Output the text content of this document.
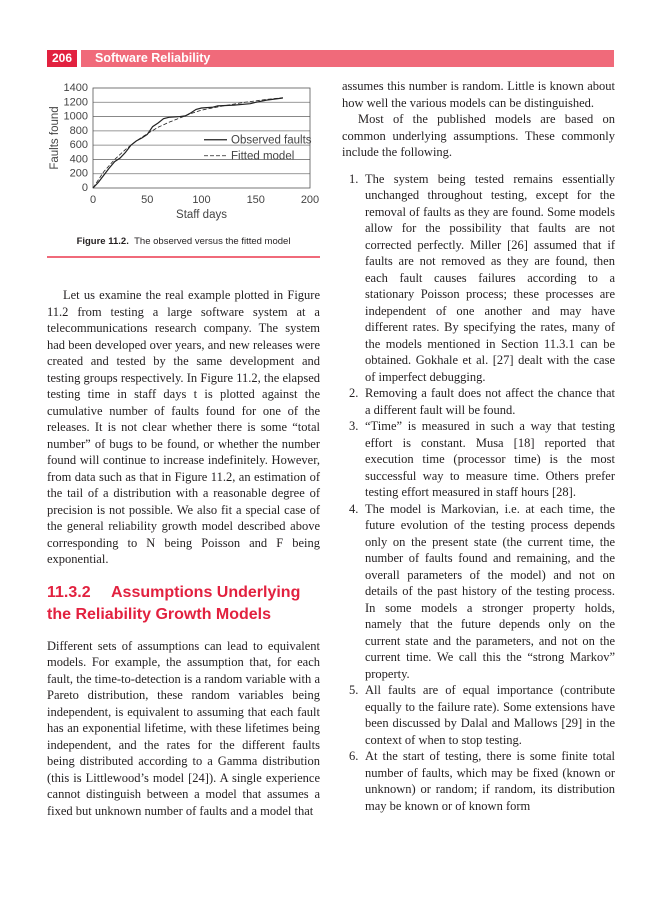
206	Software Reliability
0
200
400
600
800
1000
1200
1400
0	50	100	150	200
Staff days
Faults found	Observed faults
Fitted model
Figure 11.2. The observed versus the fitted model

Let us examine the real example plotted in Figure 11.2 from testing a large software system at a telecommunications research company. The system had been developed over years, and new releases were created and tested by the same development and testing groups respectively. In Figure 11.2, the elapsed testing time in staff days t is plotted against the cumulative number of faults found for one of the releases. It is not clear whether there is some “total number” of bugs to be found, or whether the number found will continue to increase indefinitely. However, from data such as that in Figure 11.2, an estimation of the tail of a distribution with a reasonable degree of precision is not possible. We also fit a special case of the general reliability growth model described above corresponding to N being Poisson and F being exponential.

11.3.2 Assumptions Underlying the Reliability Growth Models

Different sets of assumptions can lead to equivalent models. For example, the assumption that, for each fault, the time-to-detection is a random variable with a Pareto distribution, these random variables being independent, is equivalent to assuming that each fault has an exponential lifetime, with these lifetimes being independent, and the rates for the different faults being distributed according to a Gamma distribution (this is Littlewood’s model [24]). A single experience cannot distinguish between a model that assumes a fixed but unknown number of faults and a model that

assumes this number is random. Little is known about how well the various models can be distinguished.

Most of the published models are based on common underlying assumptions. These commonly include the following.

1. The system being tested remains essentially unchanged throughout testing, except for the removal of faults as they are found. Some models allow for the possibility that faults are not corrected perfectly. Miller [26] assumed that if faults are not removed as they are found, then each fault causes failures according to a stationary Poisson process; these processes are independent of one another and may have different rates. By specifying the rates, many of the models mentioned in Section 11.3.1 can be obtained. Gokhale et al. [27] dealt with the case of imperfect debugging.
2. Removing a fault does not affect the chance that a different fault will be found.
3. “Time” is measured in such a way that testing effort is constant. Musa [18] reported that execution time (processor time) is the most successful way to measure time. Others prefer testing effort measured in staff hours [28].
4. The model is Markovian, i.e. at each time, the future evolution of the testing process depends only on the present state (the current time, the number of faults found and remaining, and the overall parameters of the model) and not on details of the past history of the testing process. In some models a stronger property holds, namely that the future depends only on the current state and the parameters, and not on the current time. We call this the “strong Markov” property.
5. All faults are of equal importance (contribute equally to the failure rate). Some extensions have been discussed by Dalal and Mallows [29] in the context of when to stop testing.
6. At the start of testing, there is some finite total number of faults, which may be fixed (known or unknown) or random; if random, its distribution may be known or of known form
